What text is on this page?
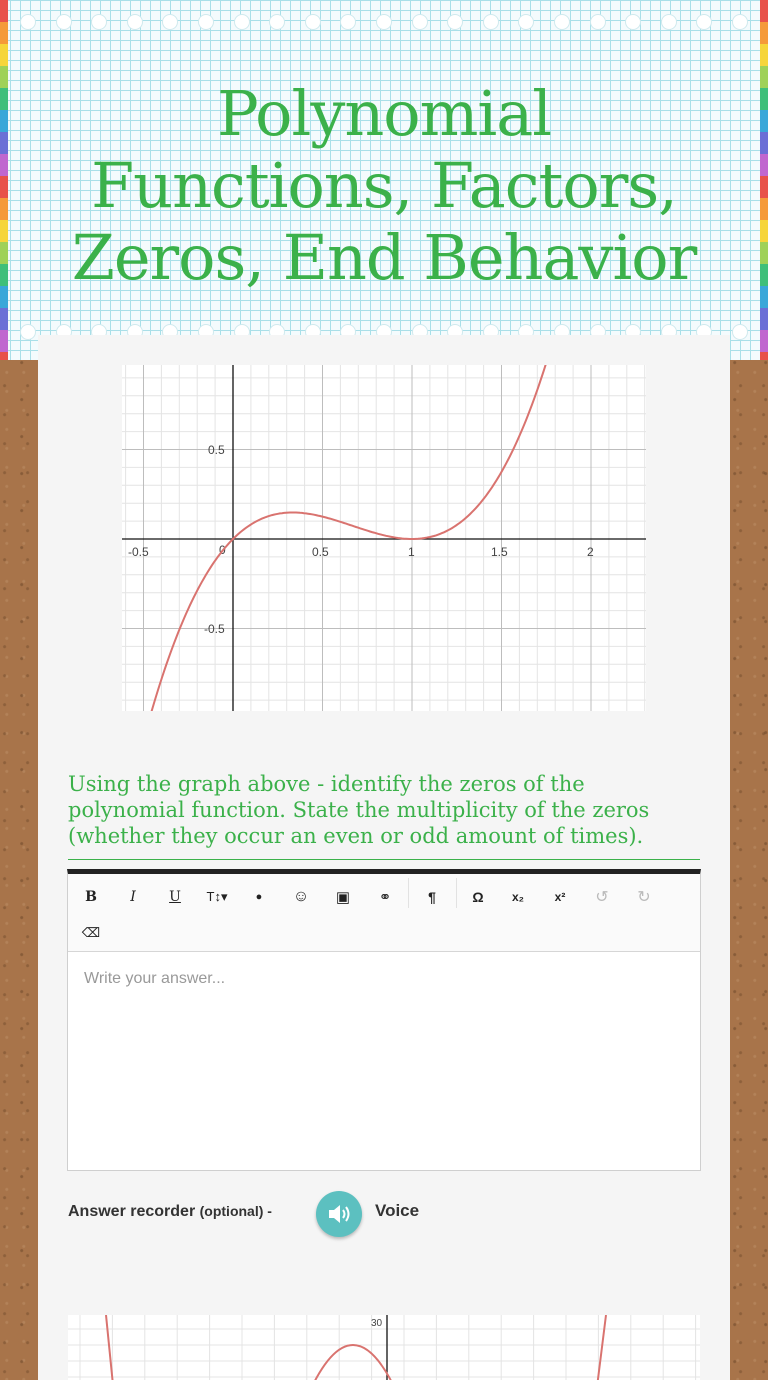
Polynomial
Functions, Factors,
Zeros, End Behavior
-0.5	0	0.5	1	1.5	2
0.5
-0.5
Using the graph above - identify the zeros of the polynomial function. State the multiplicity of the zeros (whether they occur an even or odd amount of times).
B	I	U	T↕▾	●	☺	▣	⚭	¶	Ω	x₂	x²	↺	↻
⌫
Write your answer...
Answer recorder (optional) -	Voice
30
